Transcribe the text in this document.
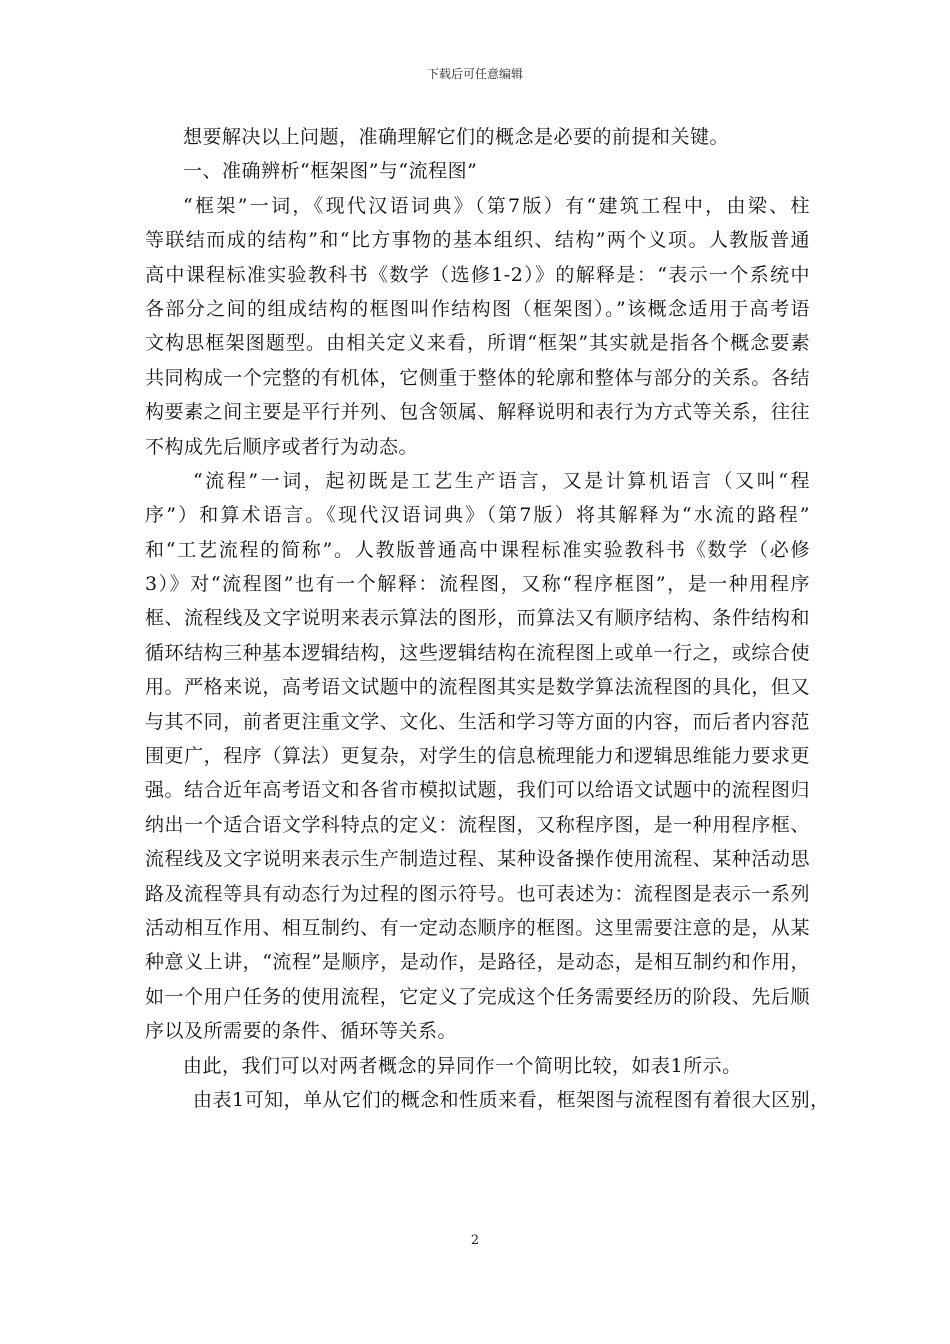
下载后可任意编辑
想要解决以上问题，准确理解它们的概念是必要的前提和关键。
一、准确辨析“框架图”与“流程图”
“框架”一词，《现代汉语词典》（第7版）有“建筑工程中，由梁、柱
等联结而成的结构”和“比方事物的基本组织、结构”两个义项。人教版普通
高中课程标准实验教科书《数学（选修1-2）》的解释是：“表示一个系统中
各部分之间的组成结构的框图叫作结构图（框架图）。”该概念适用于高考语
文构思框架图题型。由相关定义来看，所谓“框架”其实就是指各个概念要素
共同构成一个完整的有机体，它侧重于整体的轮廓和整体与部分的关系。各结
构要素之间主要是平行并列、包含领属、解释说明和表行为方式等关系，往往
不构成先后顺序或者行为动态。
“流程”一词，起初既是工艺生产语言，又是计算机语言（又叫“程
序”）和算术语言。《现代汉语词典》（第7版）将其解释为“水流的路程”
和“工艺流程的简称”。人教版普通高中课程标准实验教科书《数学（必修
3）》对“流程图”也有一个解释：流程图，又称“程序框图”，是一种用程序
框、流程线及文字说明来表示算法的图形，而算法又有顺序结构、条件结构和
循环结构三种基本逻辑结构，这些逻辑结构在流程图上或单一行之，或综合使
用。严格来说，高考语文试题中的流程图其实是数学算法流程图的具化，但又
与其不同，前者更注重文学、文化、生活和学习等方面的内容，而后者内容范
围更广，程序（算法）更复杂，对学生的信息梳理能力和逻辑思维能力要求更
强。结合近年高考语文和各省市模拟试题，我们可以给语文试题中的流程图归
纳出一个适合语文学科特点的定义：流程图，又称程序图，是一种用程序框、
流程线及文字说明来表示生产制造过程、某种设备操作使用流程、某种活动思
路及流程等具有动态行为过程的图示符号。也可表述为：流程图是表示一系列
活动相互作用、相互制约、有一定动态顺序的框图。这里需要注意的是，从某
种意义上讲，“流程”是顺序，是动作，是路径，是动态，是相互制约和作用，
如一个用户任务的使用流程，它定义了完成这个任务需要经历的阶段、先后顺
序以及所需要的条件、循环等关系。
由此，我们可以对两者概念的异同作一个简明比较，如表1所示。
由表1可知，单从它们的概念和性质来看，框架图与流程图有着很大区别，
2
